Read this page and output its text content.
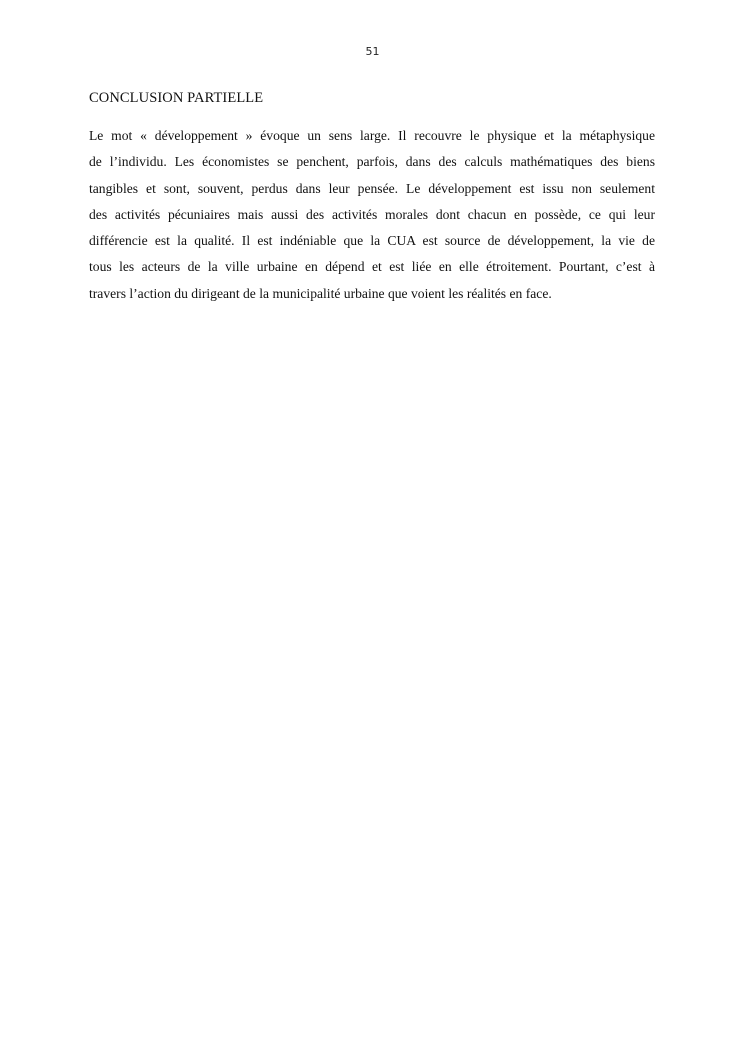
51
CONCLUSION PARTIELLE
Le mot « développement » évoque un sens large. Il recouvre le physique et la métaphysique
de l’individu. Les économistes se penchent, parfois, dans des calculs mathématiques des biens
tangibles et sont, souvent, perdus dans leur pensée. Le développement est issu non seulement
des activités pécuniaires mais aussi des activités morales dont chacun en possède, ce qui leur
différencie est la qualité. Il est indéniable que la CUA est source de développement, la vie de
tous les acteurs de la ville urbaine en dépend et est liée en elle étroitement. Pourtant, c’est à
travers l’action du dirigeant de la municipalité urbaine que voient les réalités en face.
